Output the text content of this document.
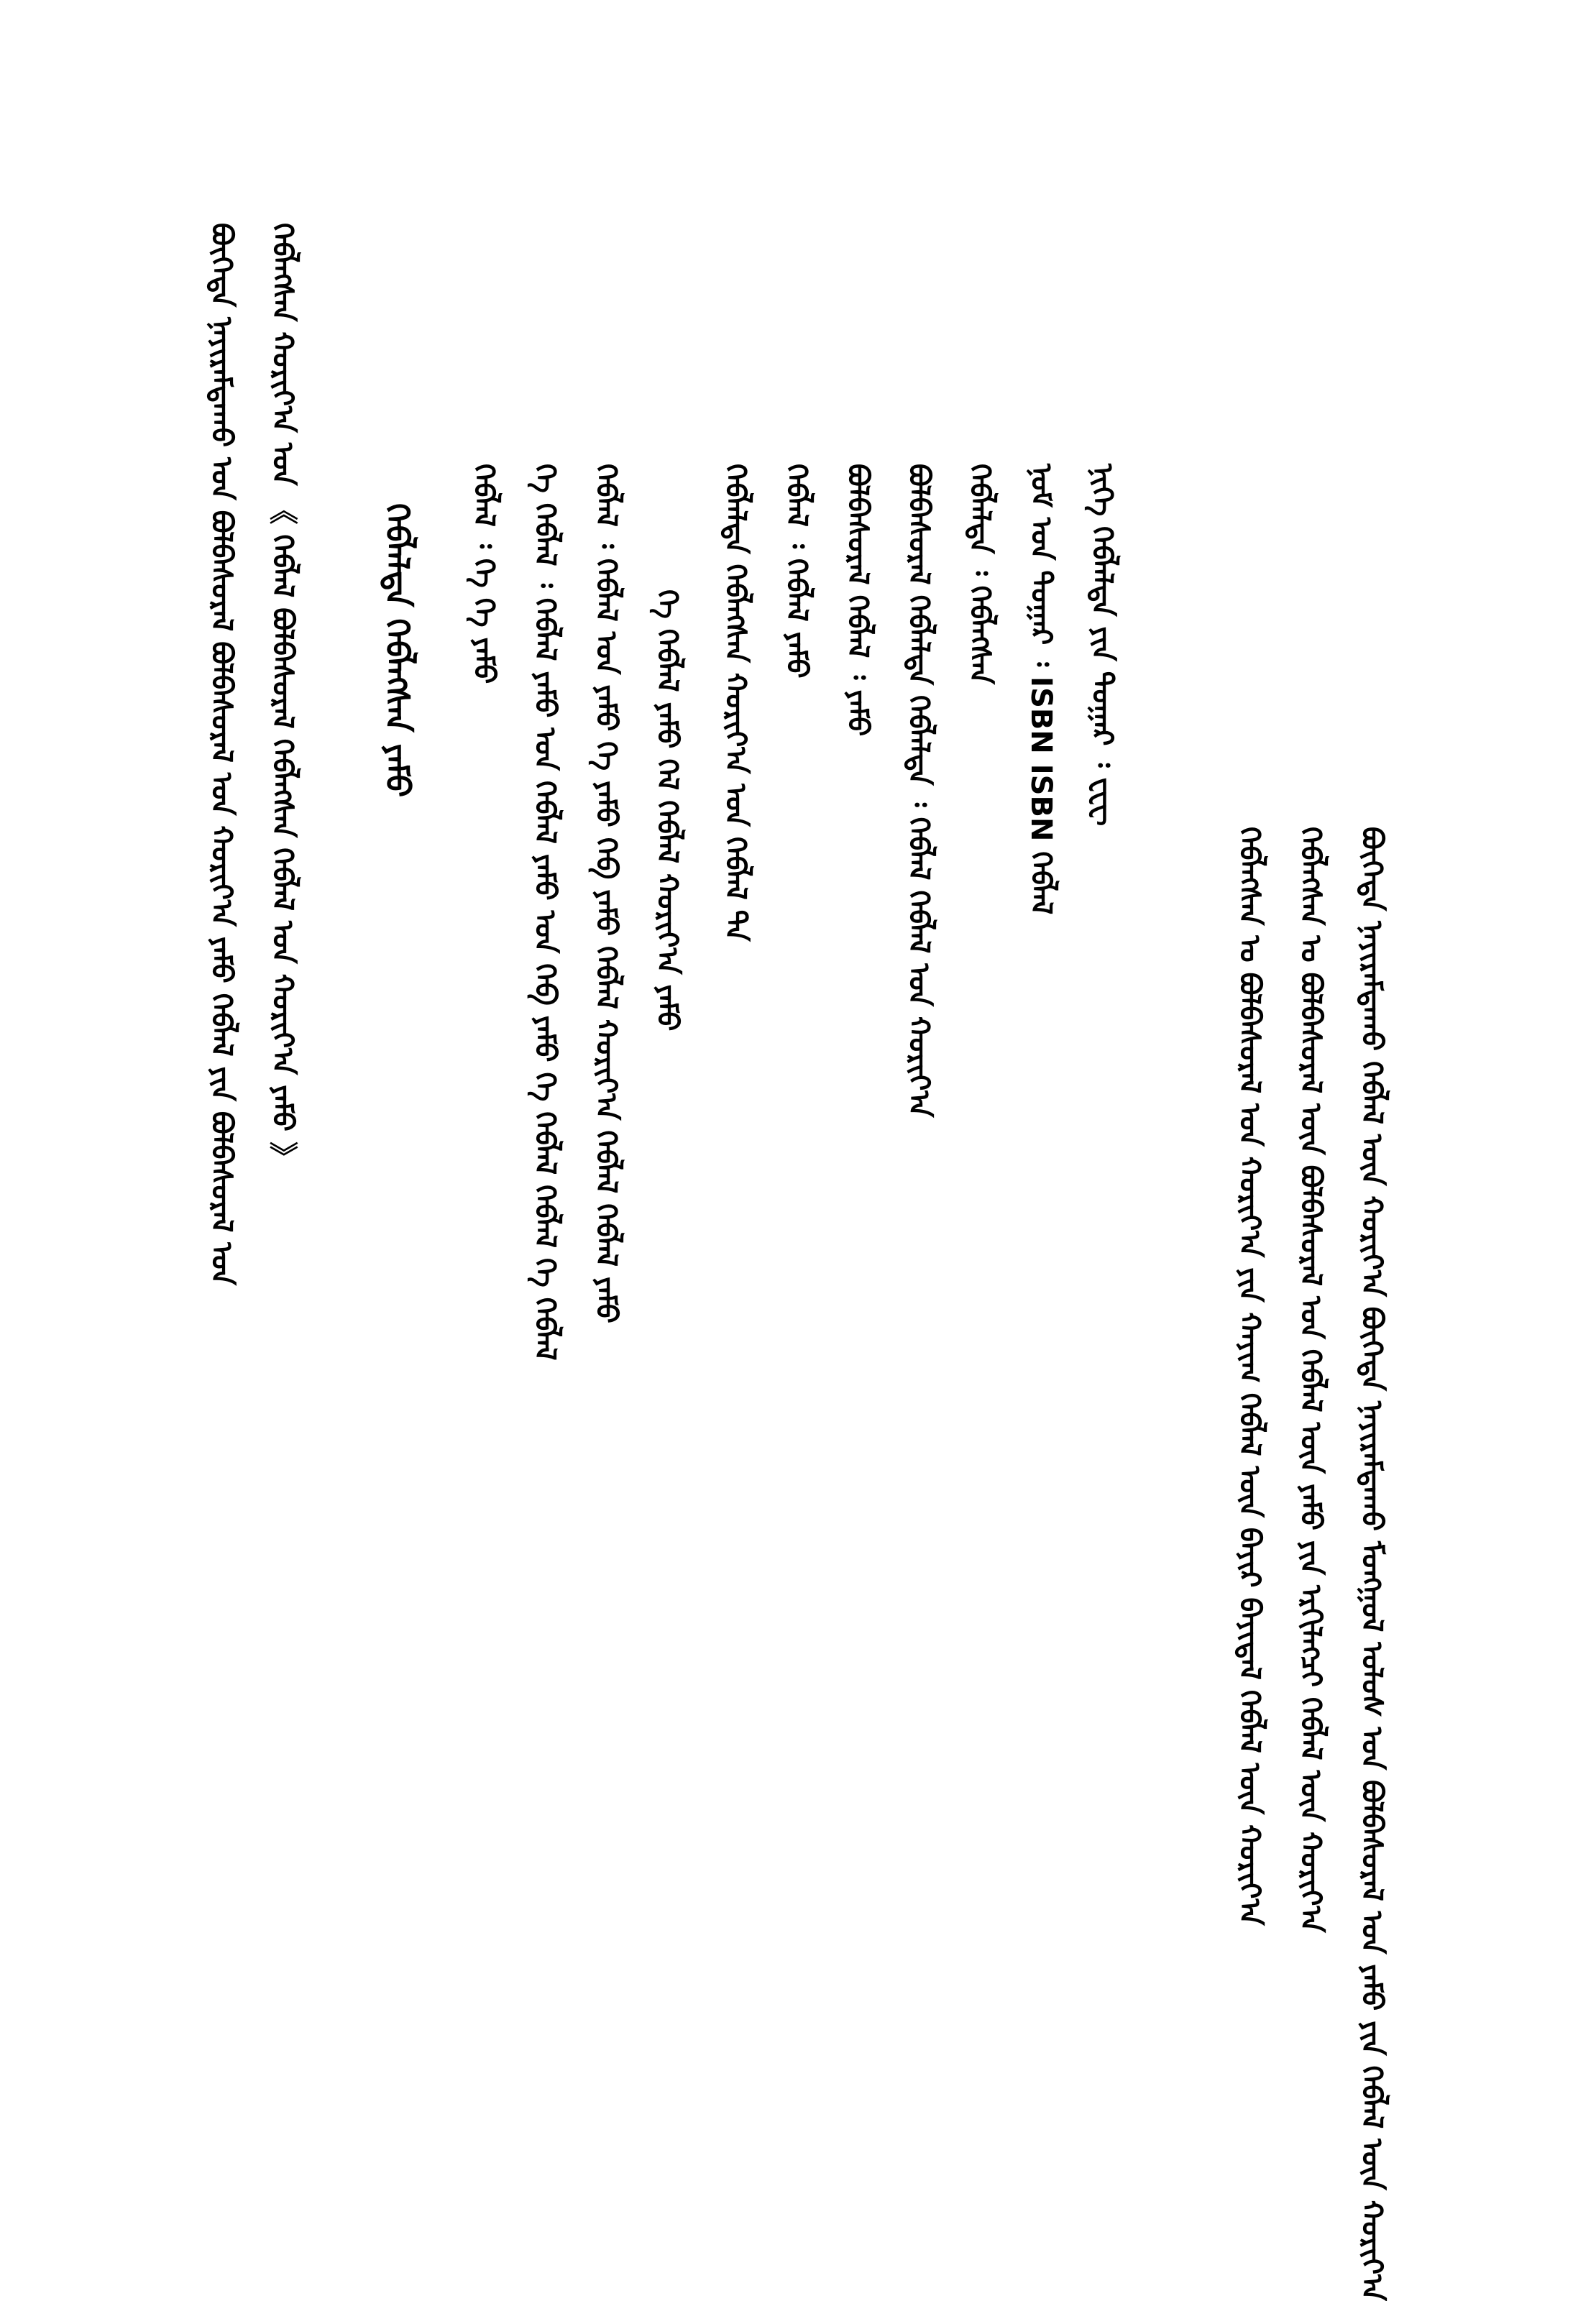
ᠪᠦᠭᠡᠳᠡ ᠨᠠᠶᠢᠷᠠᠮᠳᠠᠬᠤ ᠬᠡᠪᠯᠡᠯ ᠦᠨ ᠬᠣᠷᠢᠶ᠎ᠠ ᠪᠦᠭᠡᠳᠡ ᠨᠠᠶᠢᠷᠠᠮᠳᠠᠬᠤ ᠮᠣᠩᠭᠣᠯ ᠤᠯᠤᠰ ᠤᠨ ᠪᠣᠯᠪᠠᠰᠤᠷᠠᠯ ᠤᠨ ᠶᠠᠮᠤ ᠶᠢᠨ ᠬᠡᠪᠯᠡᠯ ᠦᠨ ᠬᠣᠷᠢᠶ᠎ᠠ
ᠬᠡᠪᠯᠡᠭᠰᠡᠨ ᠤ ᠪᠣᠯᠪᠠᠰᠤᠷᠠᠯ ᠦᠨ ᠪᠣᠯᠪᠠᠰᠤᠷᠠᠯ ᠤᠨ ᠬᠡᠪᠯᠡᠯ ᠦᠨ ᠶᠠᠮᠤ ᠶᠢᠨ ᠡᠷᠬᠢᠯᠡᠭᠴᠢ ᠬᠡᠪᠯᠡᠯ ᠦᠨ ᠬᠣᠷᠢᠶ᠎ᠠ
ᠬᠡᠪᠯᠡᠭᠰᠡᠨ ᠤ ᠪᠣᠯᠪᠠᠰᠤᠷᠠᠯ ᠤᠨ ᠬᠣᠷᠢᠶ᠎ᠠ ᠶᠢᠨ ᠬᠠᠶᠢᠭ ᠬᠡᠪᠯᠡᠯ ᠦᠨ ᠪᠠᠶᠢᠷ ᠪᠠᠶᠢᠳᠠᠯ ᠬᠡᠪᠯᠡᠯ ᠦᠨ ᠬᠣᠷᠢᠶ᠎ᠠ
ᠨᠢᠭᠡ ᠬᠡᠪᠯᠡᠯᠲᠡ ᠶᠢᠨ ᠳᠤᠭᠠᠷ ᠄ ᠸᠧᠸ
ᠨᠣᠮ ᠤᠨ ᠳᠤᠭᠠᠷ ᠄ ISBN ISBN ᠬᠡᠪᠯᠡᠯ
ᠬᠡᠪᠯᠡᠯᠲᠡ ᠄ ᠬᠡᠪᠯᠡᠭᠰᠡᠨ
ᠪᠣᠯᠪᠠᠰᠤᠷᠠᠯ ᠬᠡᠪᠯᠡᠯᠲᠡ ᠬᠡᠪᠯᠡᠯᠲᠡ ᠄ ᠬᠡᠪᠯᠡᠯ ᠬᠡᠪᠯᠡᠯ ᠤᠨ ᠬᠣᠷᠢᠶ᠎ᠠ
ᠪᠣᠯᠪᠠᠰᠤᠷᠠᠯ ᠬᠡᠪᠯᠡᠯ ᠄ ᠶᠠᠮᠤ
ᠬᠡᠪᠯᠡᠯ ᠄ ᠬᠡᠪᠯᠡᠯ ᠶᠠᠮᠤ
ᠬᠡᠪᠯᠡᠯᠲᠡ ᠬᠡᠪᠯᠡᠭᠰᠡᠨ ᠬᠣᠷᠢᠶ᠎ᠠ ᠤᠨ ᠬᠡᠪᠯᠡᠯ ᠲᠠ
ᠬᠡ ᠬᠡᠪᠯᠡᠯ ᠶᠠᠮᠤ ᠬᠡᠯ ᠬᠡᠪᠯᠡᠯ ᠬᠣᠷᠢᠶ᠎ᠠ ᠶᠠᠮᠤ
ᠬᠡᠪᠯᠡᠯ ᠄ ᠬᠡᠪᠯᠡᠯ ᠤᠨ ᠶᠠᠮᠤ ᠬᠡ ᠶᠠᠮᠤ ᠬᠡᠪ ᠶᠠᠮᠤ ᠬᠡᠪᠯᠡᠯ ᠬᠣᠷᠢᠶ᠎ᠠ ᠬᠡᠪᠯᠡᠯ ᠬᠡᠪᠯᠡᠯ ᠶᠠᠮᠤ
ᠬᠡ ᠬᠡᠪᠯᠡᠯ ᠄ ᠬᠡᠪᠯᠡᠯ ᠶᠠᠮᠤ ᠤᠨ ᠬᠡᠪᠯᠡᠯ ᠶᠠᠮᠤ ᠤᠨ ᠬᠡᠪ ᠶᠠᠮᠤ ᠬᠡ ᠬᠡᠪᠯᠡᠯ ᠬᠡᠪᠯᠡᠯ ᠬᠡ ᠬᠡᠪᠯᠡᠯ
ᠬᠡᠪᠯᠡᠯ ᠄ ᠬᠡ ᠬᠡ ᠶᠠᠮᠤ
ᠬᠡᠪᠯᠡᠯᠲᠡ ᠬᠡᠪᠯᠡᠭᠰᠡᠨ ᠶᠠᠮᠤ
ᠬᠡᠪᠯᠡᠭᠰᠡᠨ ᠬᠣᠷᠢᠶ᠎ᠠ ᠤᠨ 《 ᠬᠡᠪᠯᠡᠯ ᠪᠣᠯᠪᠠᠰᠤᠷᠠᠯ ᠬᠡᠪᠯᠡᠭᠰᠡᠨ ᠬᠡᠪᠯᠡᠯ ᠤᠨ ᠬᠣᠷᠢᠶ᠎ᠠ ᠶᠠᠮᠤ 》
ᠪᠦᠭᠡᠳᠡ ᠨᠠᠶᠢᠷᠠᠮᠳᠠᠬᠤ ᠤᠨ ᠪᠣᠯᠪᠠᠰᠤᠷᠠᠯ ᠪᠣᠯᠪᠠᠰᠤᠷᠠᠯ ᠤᠨ ᠬᠣᠷᠢᠶ᠎ᠠ ᠶᠠᠮᠤ ᠬᠡᠪᠯᠡᠯ ᠶᠢᠨ ᠪᠣᠯᠪᠠᠰᠤᠷᠠᠯ ᠤᠨ
